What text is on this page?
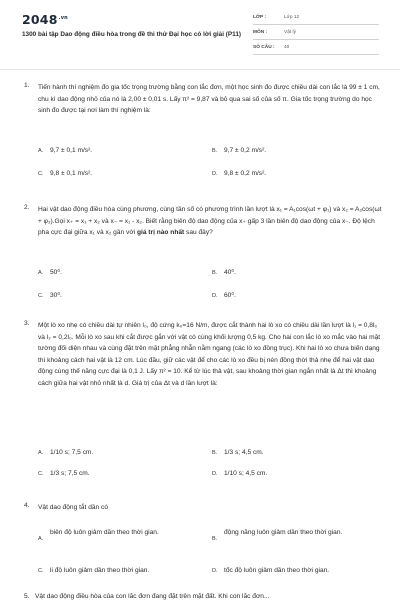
$2048^{.vn}$
1300 bài tập Dao động điều hòa trong đề thi thử Đại học có lời giải (P11)
LỚP :	Lớp 12
MÔN :	Vật lý
SỐ CÂU : 40
1. Tiến hành thí nghiệm đo gia tốc trọng trường bằng con lắc đơn, một học sinh đo được chiều dài con lắc là 99 ± 1 cm, chu kì dao động nhỏ của nó là 2,00 ± 0,01 s. Lấy π² = 9,87 và bỏ qua sai số của số π. Gia tốc trọng trường do học sinh đo được tại nơi làm thí nghiệm là:
A. 9,7 ± 0,1 m/s².	B. 9,7 ± 0,2 m/s².
C. 9,8 ± 0,1 m/s².	D. 9,8 ± 0,2 m/s².
2. Hai vật dao động điều hòa cùng phương, cùng tần số có phương trình lần lượt là x₁ = A₁cos(ωt + φ₁) và x₂ = A₂cos(ωt + φ₂).Gọi x₊ = x₁ + x₂ và x₋ = x₁ - x₂. Biết rằng biên độ dao động của x₊ gấp 3 lần biên độ dao động của x₋. Độ lệch pha cực đại giữa x₁ và x₂ gần với giá trị nào nhất sau đây?
A. 50⁰.	B. 40⁰.
C. 30⁰.	D. 60⁰.
3. Một lò xo nhẹ có chiều dài tự nhiên l₀, độ cứng k₀=16 N/m, được cắt thành hai lò xo có chiều dài lần lượt là l₁ = 0,8l₀ và l₂ = 0,2l₀. Mỗi lò xo sau khi cắt được gắn với vật có cùng khối lượng 0,5 kg. Cho hai con lắc lò xo mắc vào hai mặt tường đối diện nhau và cùng đặt trên mặt phẳng nhẵn nằm ngang (các lò xo đồng trục). Khi hai lò xo chưa biến dạng thì khoảng cách hai vật là 12 cm. Lúc đầu, giữ các vật để cho các lò xo đều bị nén đồng thời thả nhẹ để hai vật dao động cùng thế năng cực đại là 0,1 J. Lấy π² = 10. Kể từ lúc thả vật, sau khoảng thời gian ngắn nhất là Δt thì khoảng cách giữa hai vật nhỏ nhất là d. Giá trị của Δt và d lần lượt là:
A. 1/10 s; 7,5 cm.	B. 1/3 s; 4,5 cm.
C. 1/3 s; 7,5 cm.	D. 1/10 s; 4,5 cm.
4. Vật dao động tắt dần có
A.
biên độ luôn giảm dần theo thời gian.
B.
động năng luôn giảm dần theo thời gian.
C. li độ luôn giảm dần theo thời gian.	D. tốc độ luôn giảm dần theo thời gian.
5. Vật dao động điều hòa của con lắc đơn đang đặt trên mặt đất. Khi con lắc đơn...
